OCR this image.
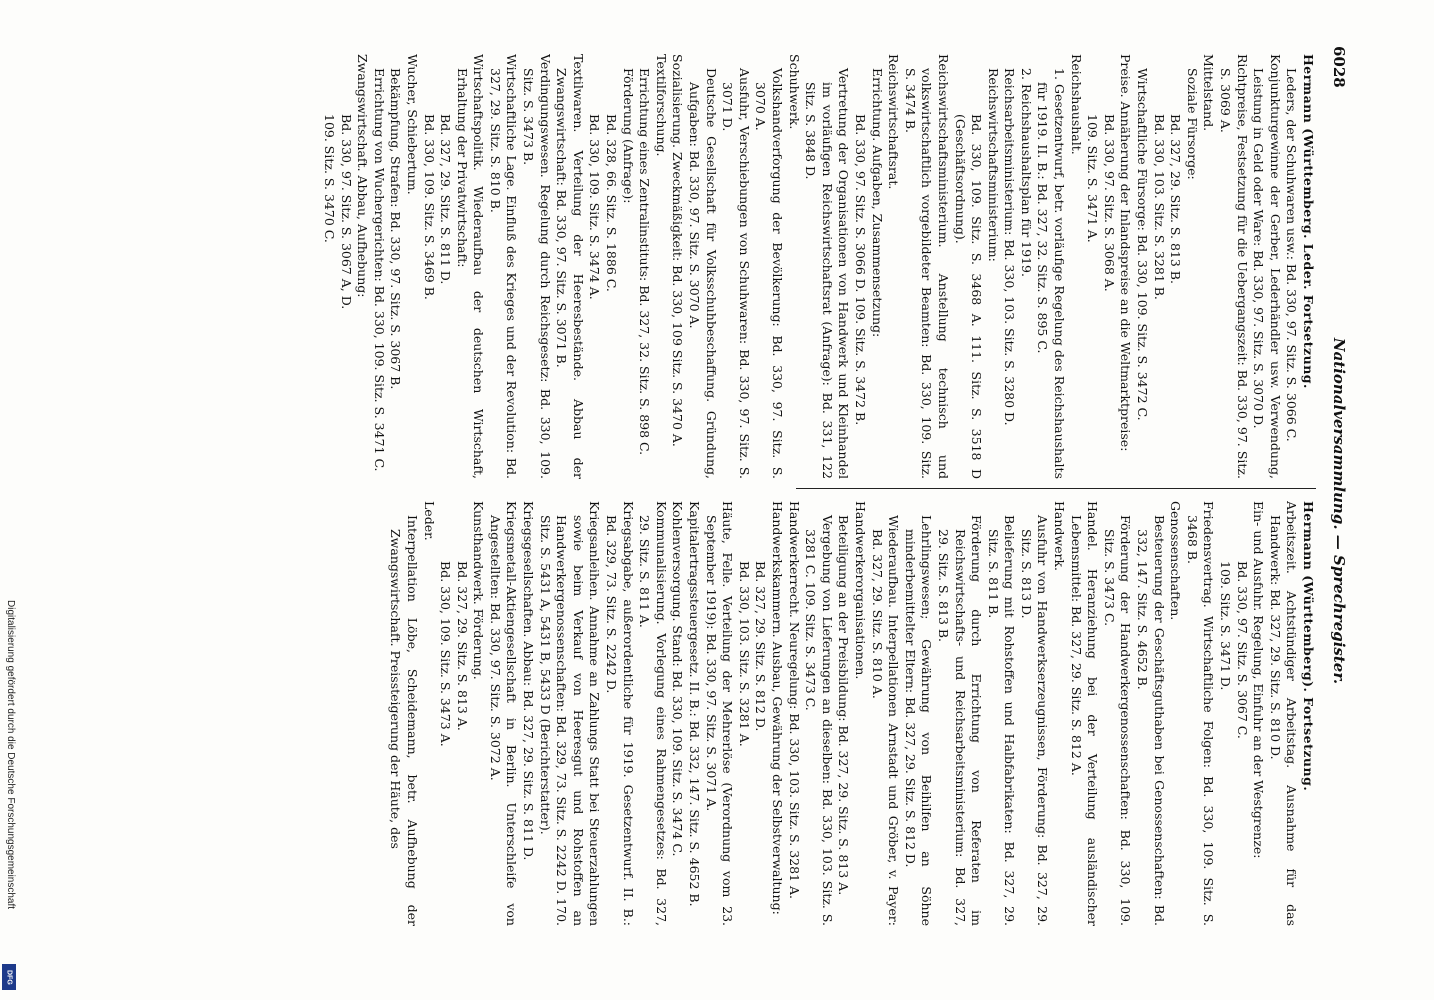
6028
Nationalversammlung. — Sprechregister.
Hermann (Württemberg). Fortsetzung.
Arbeitszeit. Achtstündiger Arbeitstag. Ausnahme für das Handwerk: Bd. 327, 29. Sitz. S. 810 D.
Ein- und Ausfuhr. Regelung, Einfuhr an der Westgrenze:
Bd. 330, 97. Sitz. S. 3067 C.
109. Sitz. S. 3471 D.
Friedensvertrag. Wirtschaftliche Folgen: Bd. 330, 109. Sitz. S. 3468 B.
Genossenschaften.
Besteuerung der Geschäftsguthaben bei Genossenschaften: Bd. 332, 147. Sitz. S. 4652 B.
Förderung der Handwerkergenossenschaften: Bd. 330, 109. Sitz. S. 3473 C.
Handel. Heranziehung bei der Verteilung ausländischer Lebensmittel: Bd. 327, 29. Sitz. S. 812 A.
Handwerk.
Ausfuhr von Handwerkserzeugnissen, Förderung: Bd. 327, 29. Sitz. S. 813 D.
Belieferung mit Rohstoffen und Halbfabrikaten: Bd. 327, 29. Sitz. S. 811 B.
Förderung durch Errichtung von Referaten im Reichswirtschafts- und Reichsarbeitsministerium: Bd. 327, 29. Sitz. S. 813 B.
Lehrlingswesen; Gewährung von Beihilfen an Söhne minderbemittelter Eltern: Bd. 327, 29. Sitz. S. 812 D.
Wiederaufbau. Interpellationen Arnstadt und Gröber, v. Payer: Bd. 327, 29. Sitz. S. 810 A.
Handwerkerorganisationen.
Beteiligung an der Preisbildung: Bd. 327, 29. Sitz. S. 813 A.
Vergebung von Lieferungen an dieselben: Bd. 330, 103. Sitz. S. 3281 C. 109. Sitz. S. 3473 C.
Handwerkerrecht. Neuregelung: Bd. 330, 103. Sitz. S. 3281 A.
Handwerkskammern. Ausbau, Gewährung der Selbstverwaltung:
Bd. 327, 29. Sitz. S. 812 D.
Bd. 330, 103. Sitz. S. 3281 A.
Häute, Felle. Verteilung der Mehrerlöse (Verordnung vom 23. September 1919): Bd. 330, 97. Sitz. S. 3071 A.
Kapitalertragssteuergesetz. II. B.: Bd. 332, 147. Sitz. S. 4652 B.
Kohlenversorgung. Stand: Bd. 330, 109. Sitz. S. 3474 C.
Kommunalisierung. Vorlegung eines Rahmengesetzes: Bd. 327, 29. Sitz. S. 811 A.
Kriegsabgabe, außerordentliche für 1919. Gesetzentwurf. II. B.: Bd. 329, 73. Sitz. S. 2242 D.
Kriegsanleihen. Annahme an Zahlungs Statt bei Steuerzahlungen sowie beim Verkauf von Heeresgut und Rohstoffen an Handwerkergenossenschaften: Bd. 329, 73. Sitz. S. 2242 D. 170. Sitz. S. 5431 A, 5431 B, 5433 D (Berichterstatter).
Kriegsgesellschaften. Abbau: Bd. 327, 29. Sitz. S. 811 D.
Kriegsmetall-Aktiengesellschaft in Berlin. Unterschleife von Angestellten: Bd. 330, 97. Sitz. S. 3072 A.
Kunsthandwerk. Förderung.
Bd. 327, 29. Sitz. S. 813 A.
Bd. 330, 109. Sitz. S. 3473 A.
Leder.
Interpellation Löbe, Scheidemann, betr. Aufhebung der Zwangswirtschaft. Preissteigerung der Häute, des
Hermann (Württemberg. Leder. Fortsetzung.
Leders, der Schuhwaren usw.: Bd. 330, 97. Sitz. S. 3066 C.
Konjunkturgewinne der Gerber, Lederhändler usw. Verwendung, Leistung in Geld oder Ware: Bd. 330, 97. Sitz. S. 3070 D.
Richtpreise, Festsetzung für die Uebergangszeit: Bd. 330, 97. Sitz. S. 3069 A.
Mittelstand.
Soziale Fürsorge:
Bd. 327, 29. Sitz. S. 813 B.
Bd. 330, 103. Sitz. S. 3281 B.
Wirtschaftliche Fürsorge: Bd. 330, 109. Sitz. S. 3472 C.
Preise. Annäherung der Inlandspreise an die Weltmarktpreise:
Bd. 330, 97. Sitz. S. 3068 A.
109. Sitz. S. 3471 A.
Reichshaushalt.
1. Gesetzentwurf, betr. vorläufige Regelung des Reichshaushalts für 1919. II. B.: Bd. 327, 32. Sitz. S. 895 C.
2. Reichshaushaltsplan für 1919.
Reichsarbeitsministerium: Bd. 330, 103. Sitz. S. 3280 D.
Reichswirtschaftsministerium:
Bd. 330, 109. Sitz. S. 3468 A. 111. Sitz. S. 3518 D (Geschäftsordnung).
Reichswirtschaftsministerium. Anstellung technisch und volkswirtschaftlich vorgebildeter Beamten: Bd. 330, 109. Sitz. S. 3474 B.
Reichswirtschaftsrat.
Errichtung. Aufgaben, Zusammensetzung:
Bd. 330, 97. Sitz. S. 3066 D. 109. Sitz. S. 3472 B.
Vertretung der Organisationen von Handwerk und Kleinhandel im vorläufigen Reichswirtschaftsrat (Anfrage): Bd. 331, 122 Sitz. S. 3848 D.
Schuhwerk.
Volkshandverforgung der Bevölkerung: Bd. 330, 97. Sitz. S. 3070 A.
Ausfuhr, Verschiebungen von Schuhwaren: Bd. 330, 97. Sitz. S. 3071 D.
Deutsche Gesellschaft für Volksschuhbeschaffung. Gründung, Aufgaben: Bd. 330, 97. Sitz. S. 3070 A.
Sozialisierung. Zweckmäßigkeit: Bd. 330, 109 Sitz. S. 3470 A.
Textilforschung.
Errichtung eines Zentralinstituts: Bd. 327, 32. Sitz. S. 898 C.
Förderung (Anfrage):
Bd. 328, 66. Sitz. S. 1886 C.
Bd. 330, 109. Sitz. S. 3474 A.
Textilwaren. Verteilung der Heeresbestände. Abbau der Zwangswirtschaft: Bd. 330, 97. Sitz. S. 3071 B.
Verdingungswesen. Regelung durch Reichsgesetz: Bd. 330, 109. Sitz. S. 3473 B.
Wirtschaftliche Lage. Einfluß des Krieges und der Revolution: Bd. 327, 29. Sitz. S. 810 B.
Wirtschaftspolitik. Wiederaufbau der deutschen Wirtschaft, Erhaltung der Privatwirtschaft:
Bd. 327, 29. Sitz. S. 811 D.
Bd. 330, 109. Sitz. S. 3469 B.
Wucher, Schiebertum.
Bekämpfung, Strafen: Bd. 330, 97. Sitz. S. 3067 B.
Errichtung von Wuchergerichten: Bd. 330, 109. Sitz. S. 3471 C.
Zwangswirtschaft. Abbau, Aufhebung:
Bd. 330, 97. Sitz. S. 3067 A, D.
109. Sitz. S. 3470 C.
Digitalisierung gefördert durch die Deutsche Forschungsgemeinschaft
DFG
